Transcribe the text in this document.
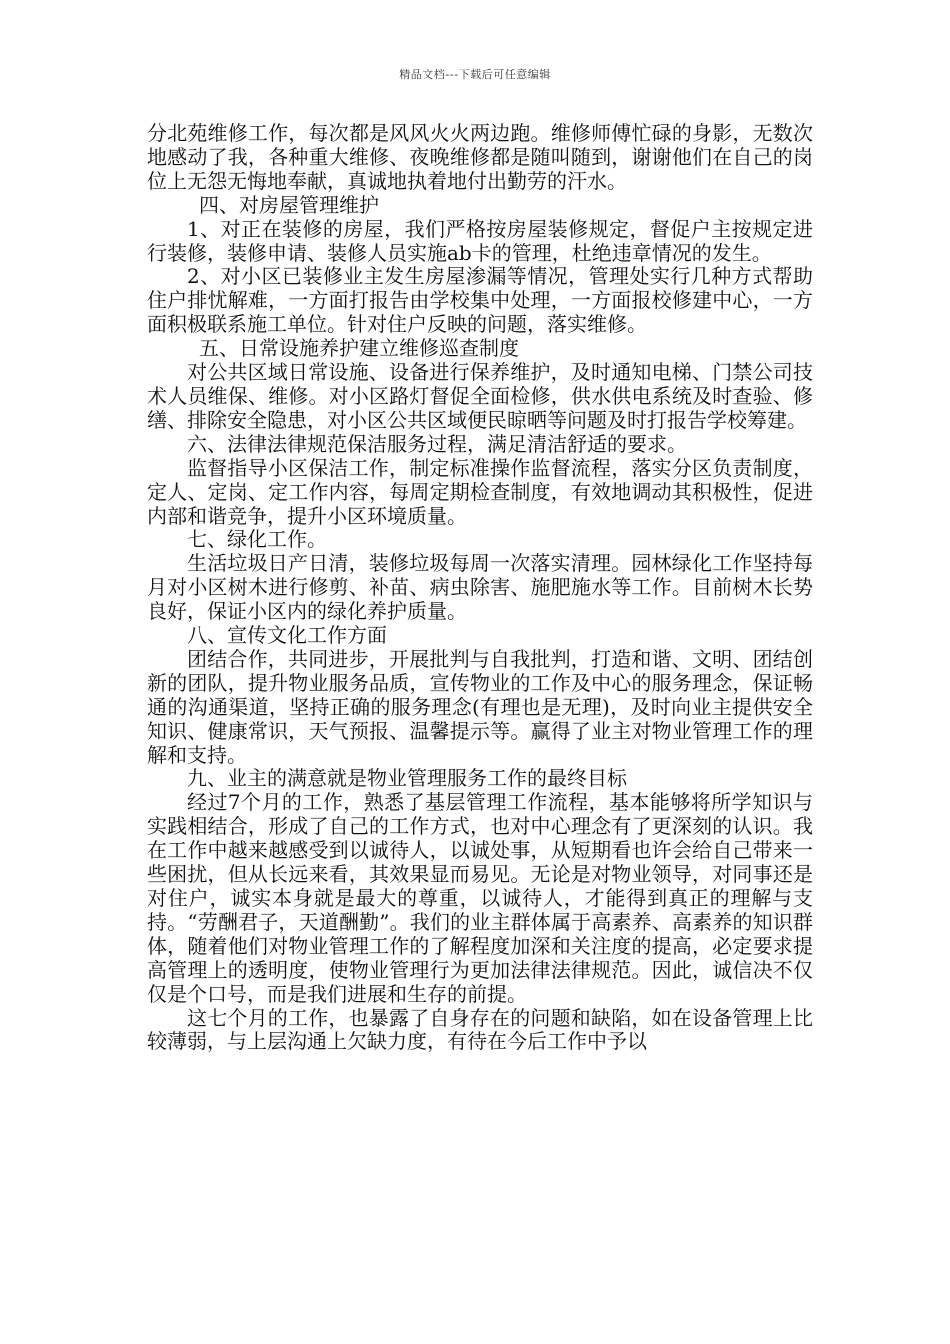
精品文档---下载后可任意编辑

分北苑维修工作，每次都是风风火火两边跑。维修师傅忙碌的身影，无数次地感动了我，各种重大维修、夜晚维修都是随叫随到，谢谢他们在自己的岗位上无怨无悔地奉献，真诚地执着地付出勤劳的汗水。

四、对房屋管理维护

1、对正在装修的房屋，我们严格按房屋装修规定，督促户主按规定进行装修，装修申请、装修人员实施ab卡的管理，杜绝违章情况的发生。

2、对小区已装修业主发生房屋渗漏等情况，管理处实行几种方式帮助住户排忧解难，一方面打报告由学校集中处理，一方面报校修建中心，一方面积极联系施工单位。针对住户反映的问题，落实维修。

五、日常设施养护建立维修巡查制度

对公共区域日常设施、设备进行保养维护，及时通知电梯、门禁公司技术人员维保、维修。对小区路灯督促全面检修，供水供电系统及时查验、修缮、排除安全隐患，对小区公共区域便民晾晒等问题及时打报告学校筹建。

六、法律法律规范保洁服务过程，满足清洁舒适的要求。

监督指导小区保洁工作，制定标准操作监督流程，落实分区负责制度，定人、定岗、定工作内容，每周定期检查制度，有效地调动其积极性，促进内部和谐竞争，提升小区环境质量。

七、绿化工作。

生活垃圾日产日清，装修垃圾每周一次落实清理。园林绿化工作坚持每月对小区树木进行修剪、补苗、病虫除害、施肥施水等工作。目前树木长势良好，保证小区内的绿化养护质量。

八、宣传文化工作方面

团结合作，共同进步，开展批判与自我批判，打造和谐、文明、团结创新的团队，提升物业服务品质，宣传物业的工作及中心的服务理念，保证畅通的沟通渠道，坚持正确的服务理念(有理也是无理)，及时向业主提供安全知识、健康常识，天气预报、温馨提示等。赢得了业主对物业管理工作的理解和支持。

九、业主的满意就是物业管理服务工作的最终目标

经过7个月的工作，熟悉了基层管理工作流程，基本能够将所学知识与实践相结合，形成了自己的工作方式，也对中心理念有了更深刻的认识。我在工作中越来越感受到以诚待人，以诚处事，从短期看也许会给自己带来一些困扰，但从长远来看，其效果显而易见。无论是对物业领导，对同事还是对住户，诚实本身就是最大的尊重，以诚待人，才能得到真正的理解与支持。“劳酬君子，天道酬勤”。我们的业主群体属于高素养、高素养的知识群体，随着他们对物业管理工作的了解程度加深和关注度的提高，必定要求提高管理上的透明度，使物业管理行为更加法律法律规范。因此，诚信决不仅仅是个口号，而是我们进展和生存的前提。

这七个月的工作，也暴露了自身存在的问题和缺陷，如在设备管理上比较薄弱，与上层沟通上欠缺力度，有待在今后工作中予以
